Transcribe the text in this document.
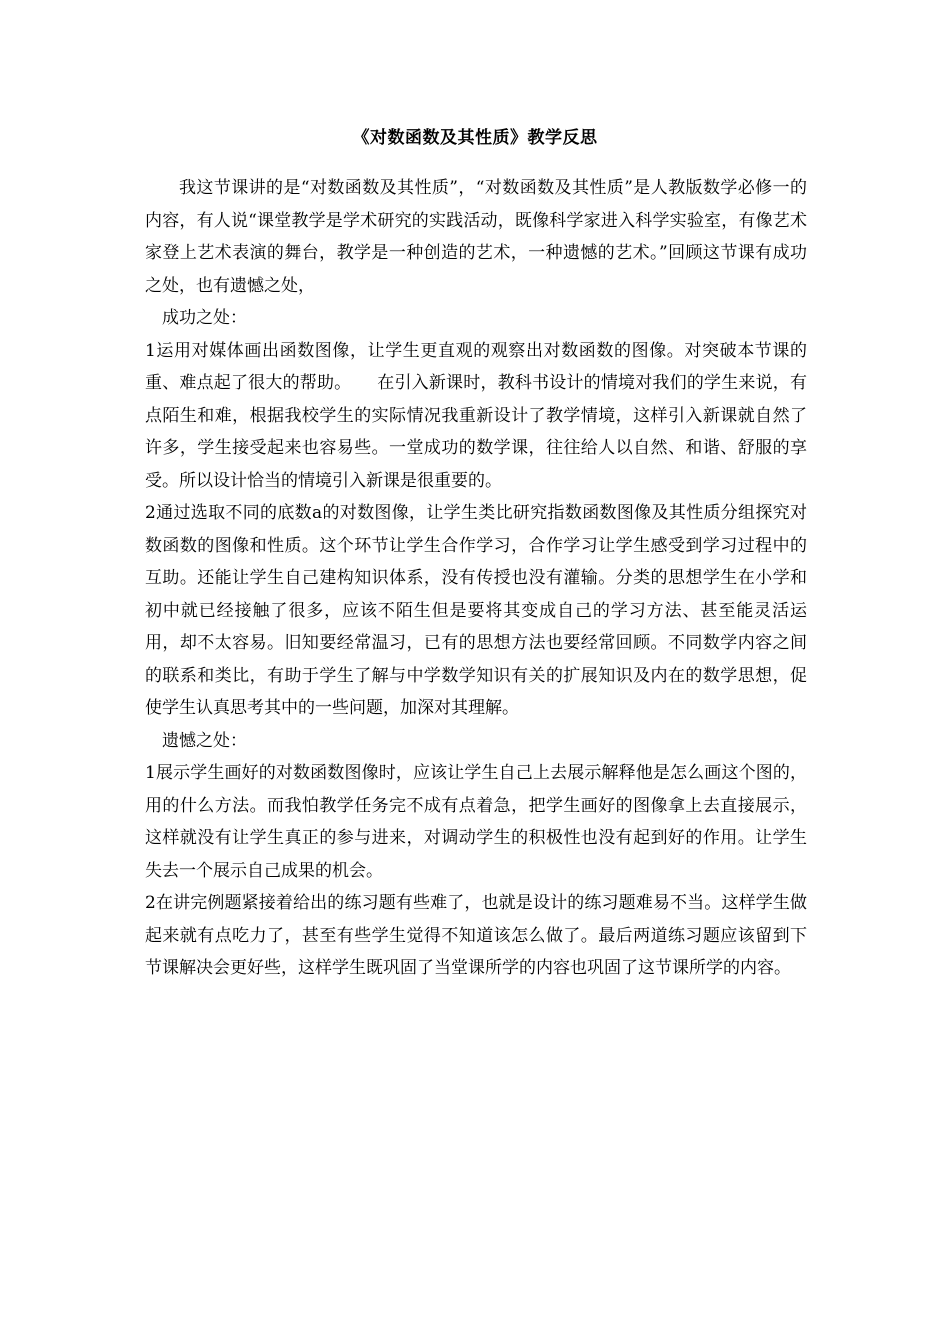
《对数函数及其性质》教学反思

我这节课讲的是“对数函数及其性质”，“对数函数及其性质”是人教版数学必修一的内容，有人说“课堂教学是学术研究的实践活动，既像科学家进入科学实验室，有像艺术家登上艺术表演的舞台，教学是一种创造的艺术，一种遗憾的艺术。”回顾这节课有成功之处，也有遗憾之处，

成功之处：

1运用对媒体画出函数图像，让学生更直观的观察出对数函数的图像。对突破本节课的重、难点起了很大的帮助。　　在引入新课时，教科书设计的情境对我们的学生来说，有点陌生和难，根据我校学生的实际情况我重新设计了教学情境，这样引入新课就自然了许多，学生接受起来也容易些。一堂成功的数学课，往往给人以自然、和谐、舒服的享受。所以设计恰当的情境引入新课是很重要的。

2通过选取不同的底数a的对数图像，让学生类比研究指数函数图像及其性质分组探究对数函数的图像和性质。这个环节让学生合作学习，合作学习让学生感受到学习过程中的互助。还能让学生自己建构知识体系，没有传授也没有灌输。分类的思想学生在小学和初中就已经接触了很多，应该不陌生但是要将其变成自己的学习方法、甚至能灵活运用，却不太容易。旧知要经常温习，已有的思想方法也要经常回顾。不同数学内容之间的联系和类比，有助于学生了解与中学数学知识有关的扩展知识及内在的数学思想，促使学生认真思考其中的一些问题，加深对其理解。

遗憾之处：

1展示学生画好的对数函数图像时，应该让学生自己上去展示解释他是怎么画这个图的，用的什么方法。而我怕教学任务完不成有点着急，把学生画好的图像拿上去直接展示，这样就没有让学生真正的参与进来，对调动学生的积极性也没有起到好的作用。让学生失去一个展示自己成果的机会。

2在讲完例题紧接着给出的练习题有些难了，也就是设计的练习题难易不当。这样学生做起来就有点吃力了，甚至有些学生觉得不知道该怎么做了。最后两道练习题应该留到下节课解决会更好些，这样学生既巩固了当堂课所学的内容也巩固了这节课所学的内容。
